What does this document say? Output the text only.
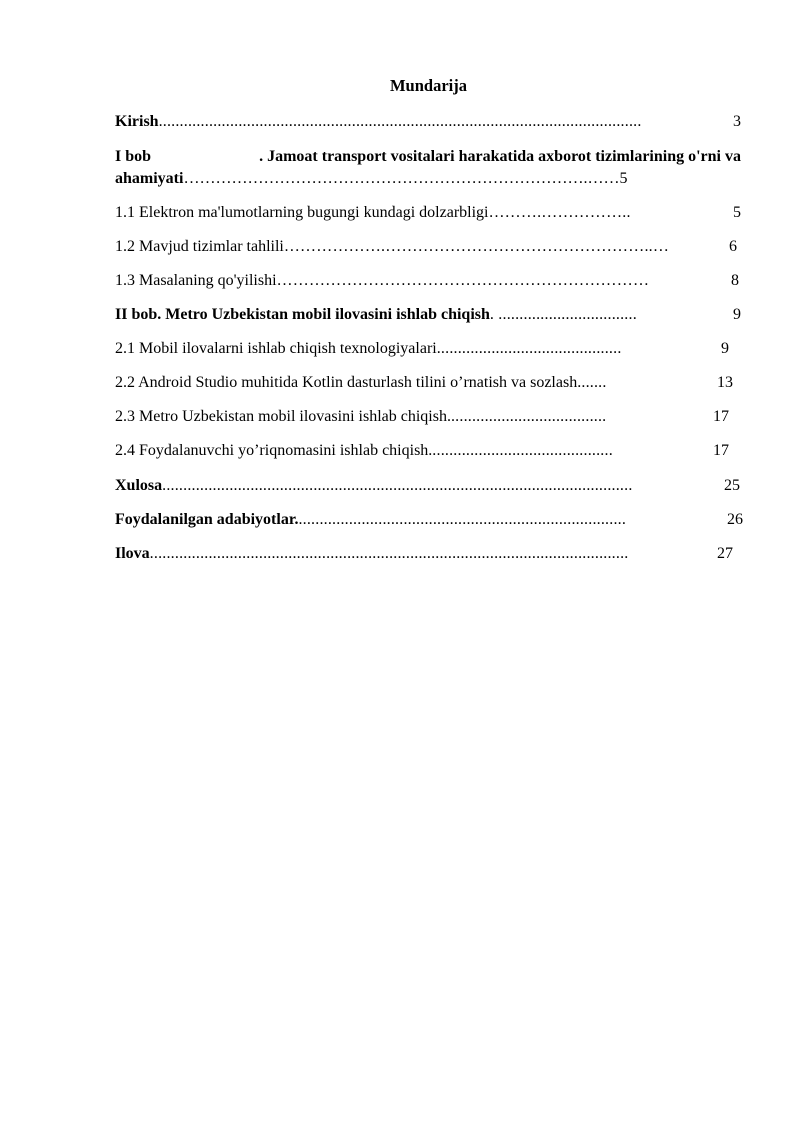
Mundarija
Kirish ...................................................................................................................	3
I bob	. Jamoat transport vositalari harakatida axborot tizimlarining o'rni va
ahamiyati ………………………………………………………………….……5
1.1 Elektron ma'lumotlarning bugungi kundagi dolzarbligi ……….……………..	5
1.2 Mavjud tizimlar tahlili ……………….…………………………………………..…	6
1.3 Masalaning qo'yilishi ……………………………………………………………	8
II bob. Metro Uzbekistan mobil ilovasini ishlab chiqish . .................................	9
2.1 Mobil ilovalarni ishlab chiqish texnologiyalari ............................................	9
2.2 Android Studio muhitida Kotlin dasturlash tilini o’rnatish va sozlash .......	13
2.3 Metro Uzbekistan mobil ilovasini ishlab chiqish. .....................................	17
2.4 Foydalanuvchi yo’riqnomasini ishlab chiqish. ...........................................	17
Xulosa ................................................................................................................	25
Foydalanilgan adabiyotlar. ..............................................................................	26
Ilova ..................................................................................................................	27
